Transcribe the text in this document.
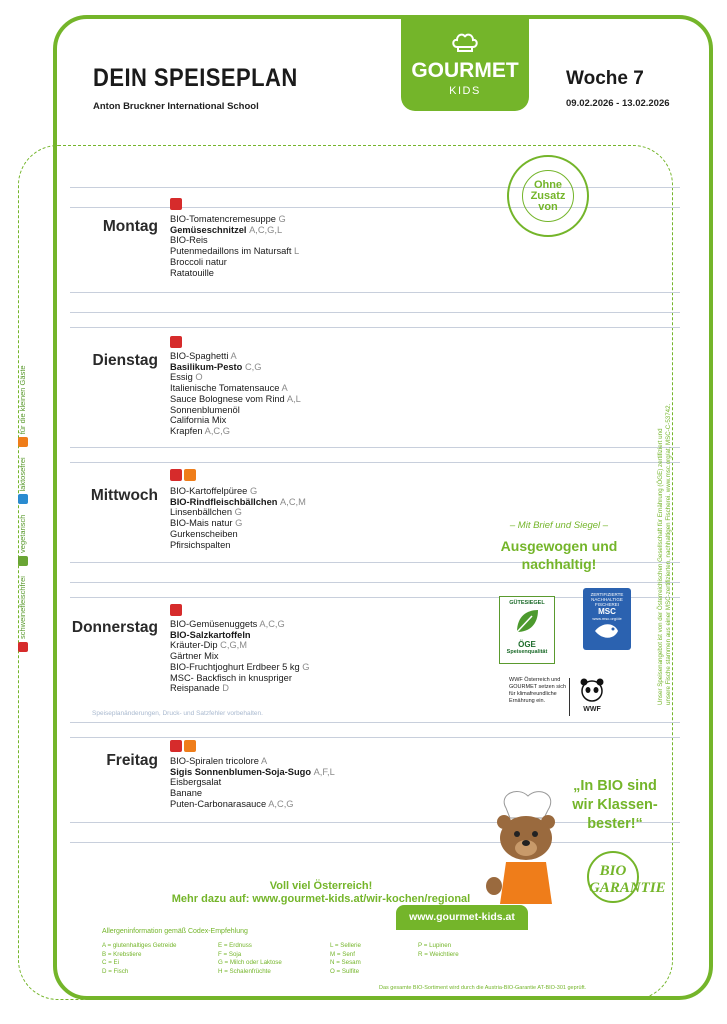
DEIN SPEISEPLAN
Anton Bruckner International School
GOURMET
KIDS
Woche 7
09.02.2026 - 13.02.2026
Ohne Zusatz von
Montag BIO-Tomatencremesuppe G
Gemüseschnitzel A,C,G,L
BIO-Reis
Putenmedaillons im Natursaft L
Broccoli natur
Ratatouille
Dienstag BIO-Spaghetti A
Basilikum-Pesto C,G
Essig O
Italienische Tomatensauce A
Sauce Bolognese vom Rind A,L
Sonnenblumenöl
California Mix
Krapfen A,C,G
Mittwoch BIO-Kartoffelpüree G
BIO-Rindfleischbällchen A,C,M
Linsenbällchen G
BIO-Mais natur G
Gurkenscheiben
Pfirsichspalten
Donnerstag BIO-Gemüsenuggets A,C,G
BIO-Salzkartoffeln
Kräuter-Dip C,G,M
Gärtner Mix
BIO-Fruchtjoghurt Erdbeer 5 kg G
MSC- Backfisch in knuspriger
Reispanade D
Speiseplanänderungen, Druck- und Satzfehler vorbehalten.
Freitag BIO-Spiralen tricolore A
Sigis Sonnenblumen-Soja-Sugo A,F,L
Eisbergsalat
Banane
Puten-Carbonarasauce A,C,G
– Mit Brief und Siegel –
Ausgewogen und
nachhaltig!
GÜTESIEGEL
ÖGE
Speisenqualität
ZERTIFIZIERTE NACHHALTIGE FISCHEREI
MSC
www.msc.org/de
WWF Österreich und GOURMET setzen sich für klimafreundliche Ernährung ein.
WWF
schweinefleischfrei vegetarisch laktosefrei für die kleinen Gäste
Unser Speisenangebot ist von der Österreichischen Gesellschaft für Ernährung (ÖGE) zertifiziert und unsere Fische stammen aus einer MSC-zertifizierten, nachhaltigen Fischerei. www.msc.org/at, MSC-C-53742.
„In BIO sind
wir Klassen-
bester!“
BIO GARANTIE
Voll viel Österreich!
Mehr dazu auf: www.gourmet-kids.at/wir-kochen/regional
www.gourmet-kids.at
Allergeninformation gemäß Codex-Empfehlung
A = glutenhaltiges Getreide
B = Krebstiere
C = Ei
D = Fisch
E = Erdnuss
F = Soja
G = Milch oder Laktose
H = Schalenfrüchte
L = Sellerie
M = Senf
N = Sesam
O = Sulfite
P = Lupinen
R = Weichtiere
Das gesamte BIO-Sortiment wird durch die Austria-BIO-Garantie AT-BIO-301 geprüft.
